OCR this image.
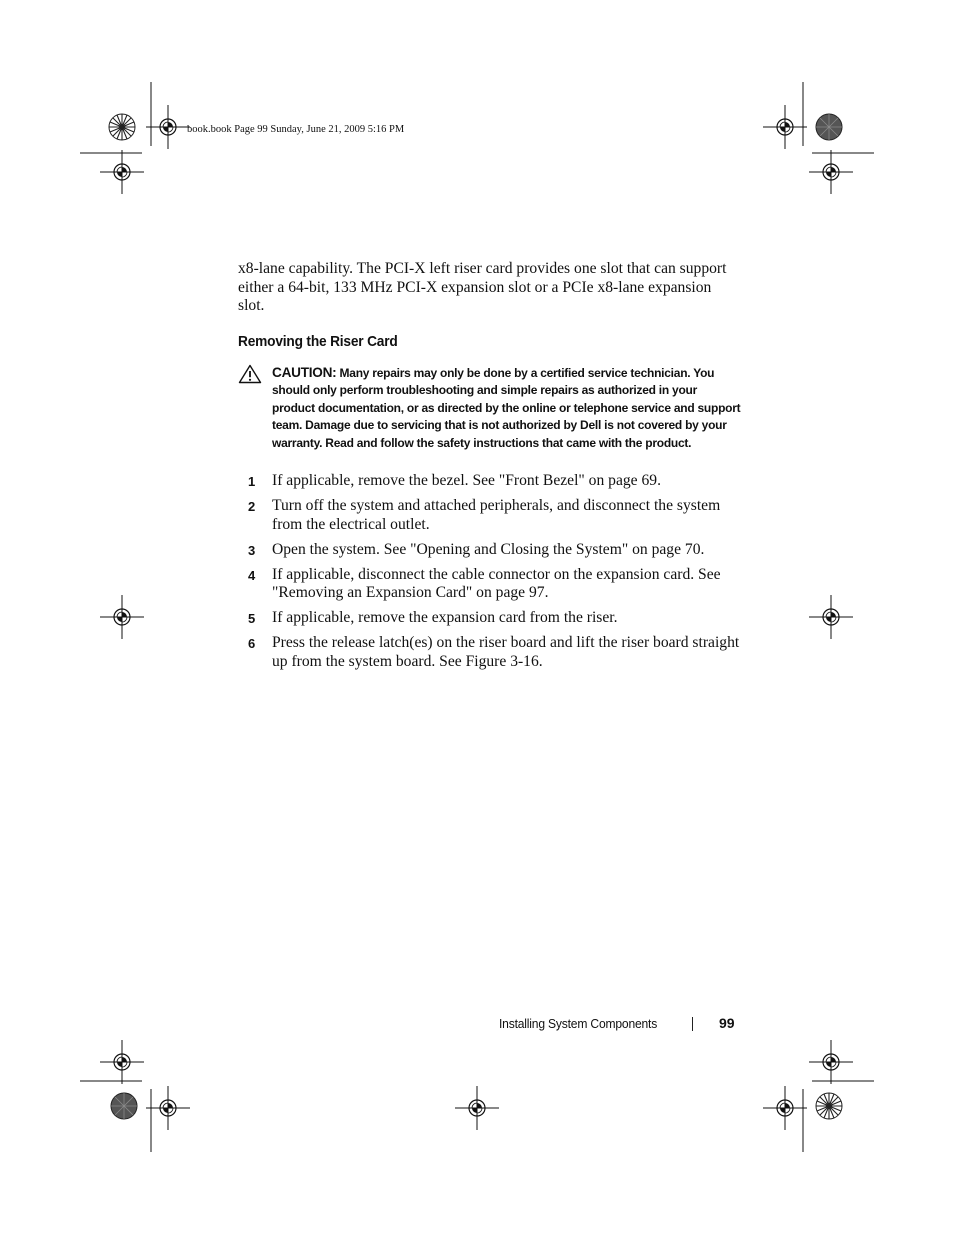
book.book Page 99 Sunday, June 21, 2009 5:16 PM

x8-lane capability. The PCI-X left riser card provides one slot that can support either a 64-bit, 133 MHz PCI-X expansion slot or a PCIe x8-lane expansion slot.

Removing the Riser Card
CAUTION: Many repairs may only be done by a certified service technician. You should only perform troubleshooting and simple repairs as authorized in your product documentation, or as directed by the online or telephone service and support team. Damage due to servicing that is not authorized by Dell is not covered by your warranty. Read and follow the safety instructions that came with the product.
1 If applicable, remove the bezel. See "Front Bezel" on page 69.
2 Turn off the system and attached peripherals, and disconnect the system from the electrical outlet.
3 Open the system. See "Opening and Closing the System" on page 70.
4 If applicable, disconnect the cable connector on the expansion card. See "Removing an Expansion Card" on page 97.
5 If applicable, remove the expansion card from the riser.
6 Press the release latch(es) on the riser board and lift the riser board straight up from the system board. See Figure 3-16.
Installing System Components	99
